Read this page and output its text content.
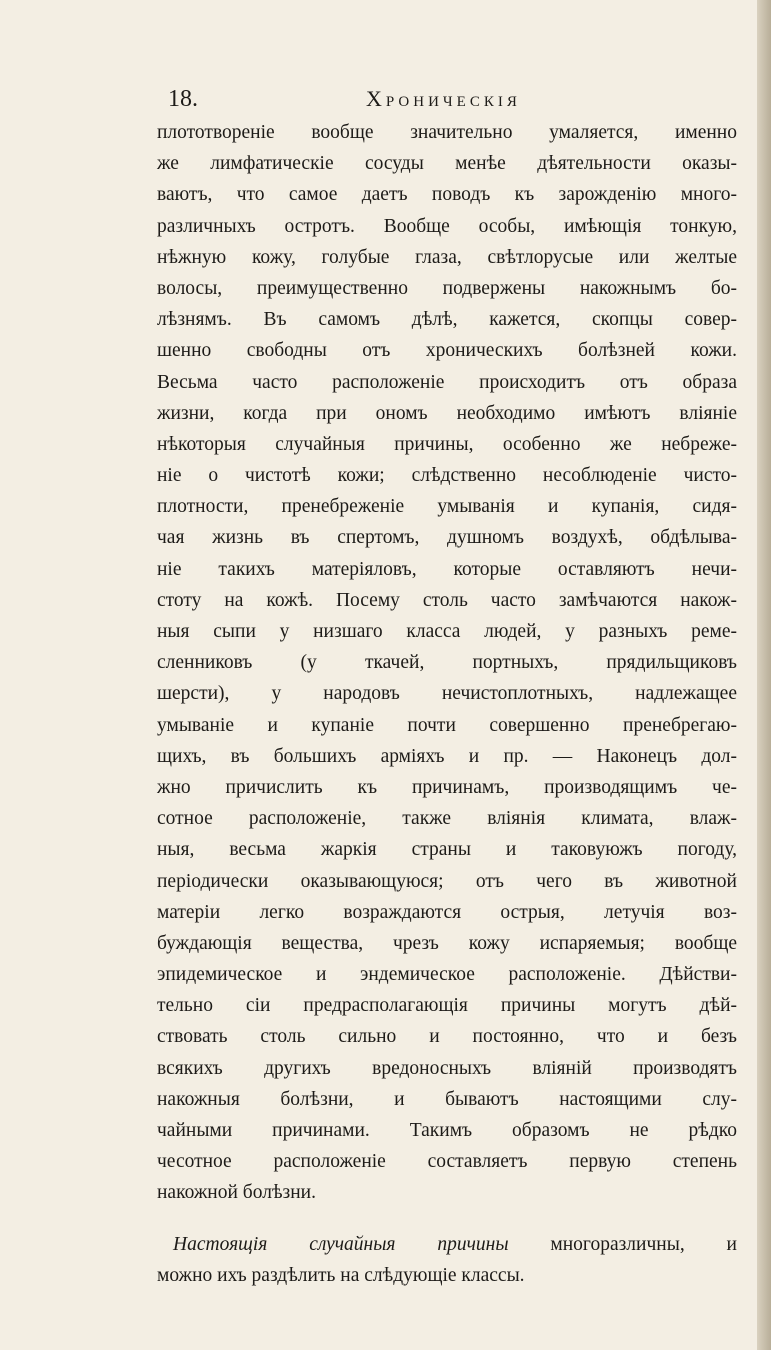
18.	Хроническія
плототвореніе вообще значительно умаляется, именно
же лимфатическіе сосуды менѣе дѣятельности оказы-
ваютъ, что самое даетъ поводъ къ зарожденію много-
различныхъ остротъ. Вообще особы, имѣющія тонкую,
нѣжную кожу, голубые глаза, свѣтлорусые или желтые
волосы, преимущественно подвержены накожнымъ бо-
лѣзнямъ. Въ самомъ дѣлѣ, кажется, скопцы совер-
шенно свободны отъ хроническихъ болѣзней кожи.
Весьма часто расположеніе происходитъ отъ образа
жизни, когда при ономъ необходимо имѣютъ вліяніе
нѣкоторыя случайныя причины, особенно же небреже-
ніе о чистотѣ кожи; слѣдственно несоблюденіе чисто-
плотности, пренебреженіе умыванія и купанія, сидя-
чая жизнь въ спертомъ, душномъ воздухѣ, обдѣлыва-
ніе такихъ матеріяловъ, которые оставляютъ нечи-
стоту на кожѣ. Посему столь часто замѣчаются накож-
ныя сыпи у низшаго класса людей, у разныхъ реме-
сленниковъ (у ткачей, портныхъ, прядильщиковъ
шерсти), у народовъ нечистоплотныхъ, надлежащее
умываніе и купаніе почти совершенно пренебрегаю-
щихъ, въ большихъ арміяхъ и пр. — Наконецъ дол-
жно причислить къ причинамъ, производящимъ че-
сотное расположеніе, также вліянія климата, влаж-
ныя, весьма жаркія страны и таковуюжъ погоду,
періодически оказывающуюся; отъ чего въ животной
матеріи легко возраждаются острыя, летучія воз-
буждающія вещества, чрезъ кожу испаряемыя; вообще
эпидемическое и эндемическое расположеніе. Дѣйстви-
тельно сіи предрасполагающія причины могутъ дѣй-
ствовать столь сильно и постоянно, что и безъ
всякихъ другихъ вредоносныхъ вліяній производятъ
накожныя болѣзни, и бываютъ настоящими слу-
чайными причинами. Такимъ образомъ не рѣдко
чесотное расположеніе составляетъ первую степень
накожной болѣзни.
Настоящія случайныя причины многоразличны, и
можно ихъ раздѣлить на слѣдующіе классы.
